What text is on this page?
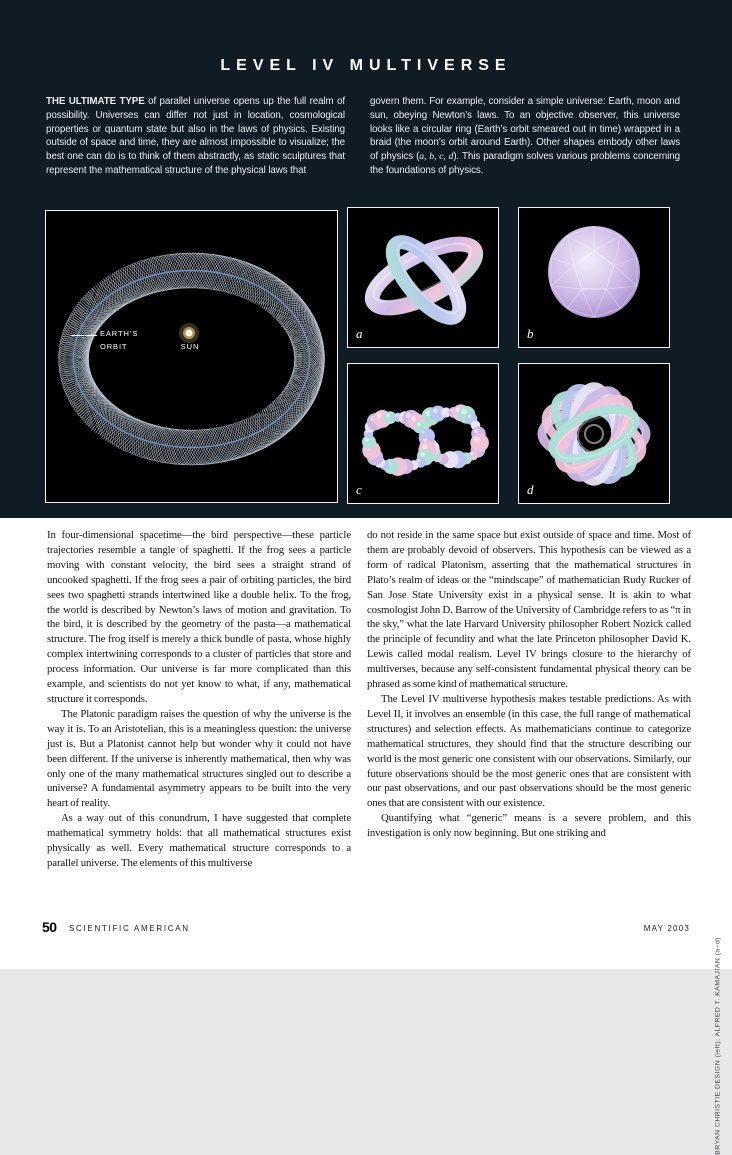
LEVEL IV MULTIVERSE
THE ULTIMATE TYPE of parallel universe opens up the full realm of possibility. Universes can differ not just in location, cosmological properties or quantum state but also in the laws of physics. Existing outside of space and time, they are almost impossible to visualize; the best one can do is to think of them abstractly, as static sculptures that represent the mathematical structure of the physical laws that
govern them. For example, consider a simple universe: Earth, moon and sun, obeying Newton’s laws. To an objective observer, this universe looks like a circular ring (Earth’s orbit smeared out in time) wrapped in a braid (the moon’s orbit around Earth). Other shapes embody other laws of physics (a, b, c, d). This paradigm solves various problems concerning the foundations of physics.
EARTH’S
ORBIT	SUN
a	b
c	d

In four-dimensional spacetime—the bird perspective—these particle trajectories resemble a tangle of spaghetti. If the frog sees a particle moving with constant velocity, the bird sees a straight strand of uncooked spaghetti. If the frog sees a pair of orbiting particles, the bird sees two spaghetti strands intertwined like a double helix. To the frog, the world is described by Newton’s laws of motion and gravitation. To the bird, it is described by the geometry of the pasta—a mathematical structure. The frog itself is merely a thick bundle of pasta, whose highly complex intertwining corresponds to a cluster of particles that store and process information. Our universe is far more complicated than this example, and scientists do not yet know to what, if any, mathematical structure it corresponds.

The Platonic paradigm raises the question of why the universe is the way it is. To an Aristotelian, this is a meaningless question: the universe just is. But a Platonist cannot help but wonder why it could not have been different. If the universe is inherently mathematical, then why was only one of the many mathematical structures singled out to describe a universe? A fundamental asymmetry appears to be built into the very heart of reality.

As a way out of this conundrum, I have suggested that complete mathematical symmetry holds: that all mathematical structures exist physically as well. Every mathematical structure corresponds to a parallel universe. The elements of this multiverse

do not reside in the same space but exist outside of space and time. Most of them are probably devoid of observers. This hypothesis can be viewed as a form of radical Platonism, asserting that the mathematical structures in Plato’s realm of ideas or the “mindscape” of mathematician Rudy Rucker of San Jose State University exist in a physical sense. It is akin to what cosmologist John D. Barrow of the University of Cambridge refers to as “π in the sky,” what the late Harvard University philosopher Robert Nozick called the principle of fecundity and what the late Princeton philosopher David K. Lewis called modal realism. Level IV brings closure to the hierarchy of multiverses, because any self-consistent fundamental physical theory can be phrased as some kind of mathematical structure.

The Level IV multiverse hypothesis makes testable predictions. As with Level II, it involves an ensemble (in this case, the full range of mathematical structures) and selection effects. As mathematicians continue to categorize mathematical structures, they should find that the structure describing our world is the most generic one consistent with our observations. Similarly, our future observations should be the most generic ones that are consistent with our past observations, and our past observations should be the most generic ones that are consistent with our existence.

Quantifying what “generic” means is a severe problem, and this investigation is only now beginning. But one striking and

50 SCIENTIFIC AMERICAN	MAY 2003
BRYAN CHRISTIE DESIGN (left); ALFRED T. KAMAJIAN (a–d)
